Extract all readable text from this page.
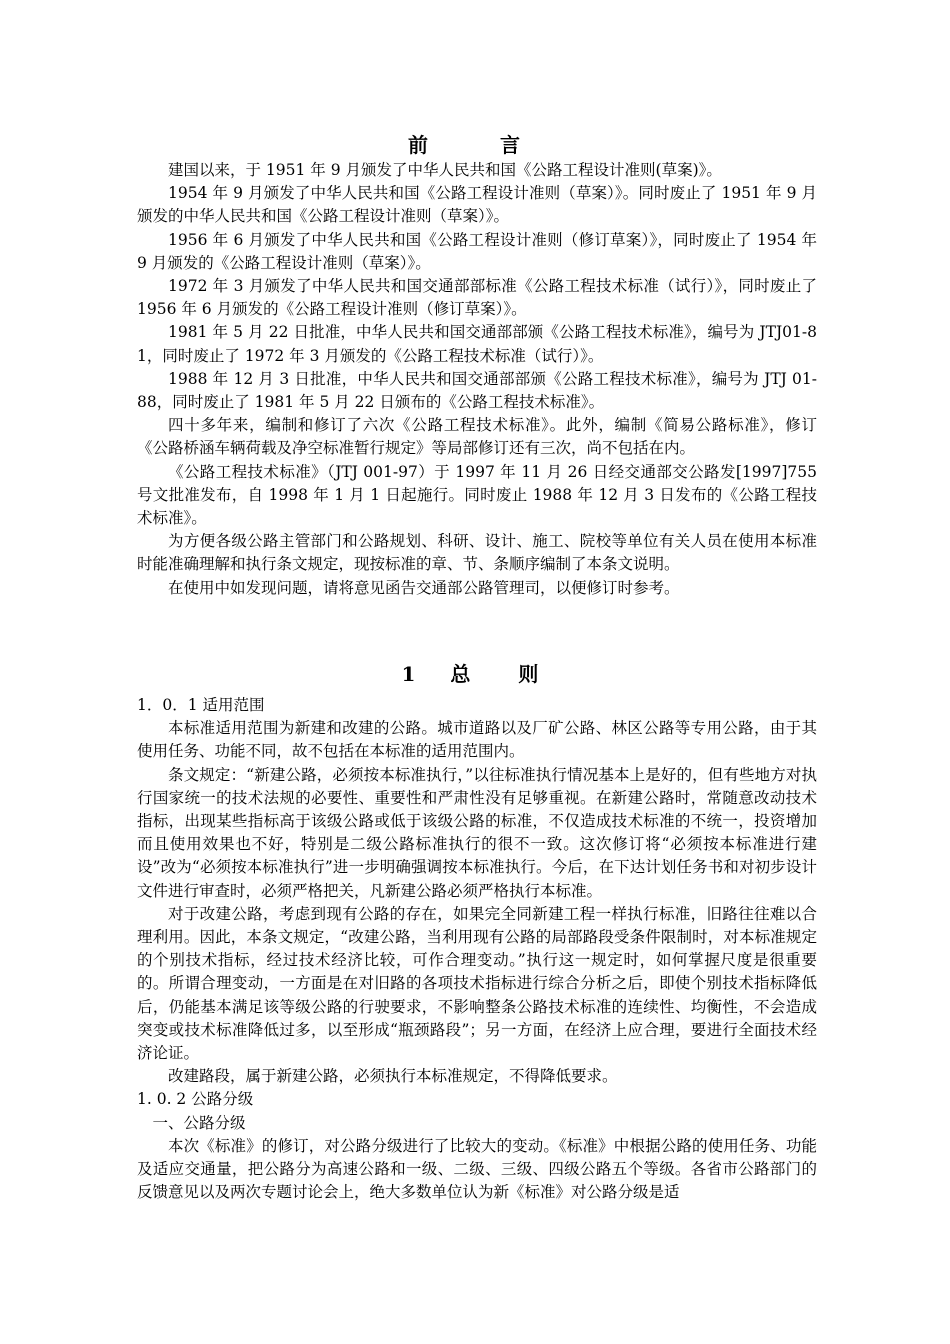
前　言

建国以来，于 1951 年 9 月颁发了中华人民共和国《公路工程设计准则(草案)》。

1954 年 9 月颁发了中华人民共和国《公路工程设计准则（草案）》。同时废止了 1951 年 9 月颁发的中华人民共和国《公路工程设计准则（草案）》。

1956 年 6 月颁发了中华人民共和国《公路工程设计准则（修订草案）》，同时废止了 1954 年 9 月颁发的《公路工程设计准则（草案）》。

1972 年 3 月颁发了中华人民共和国交通部部标准《公路工程技术标准（试行）》，同时废止了 1956 年 6 月颁发的《公路工程设计准则（修订草案）》。

1981 年 5 月 22 日批准，中华人民共和国交通部部颁《公路工程技术标准》，编号为 JTJ01-81，同时废止了 1972 年 3 月颁发的《公路工程技术标准（试行）》。

1988 年 12 月 3 日批准，中华人民共和国交通部部颁《公路工程技术标准》，编号为 JTJ 01-88，同时废止了 1981 年 5 月 22 日颁布的《公路工程技术标准》。

四十多年来，编制和修订了六次《公路工程技术标准》。此外，编制《简易公路标准》，修订《公路桥涵车辆荷载及净空标准暂行规定》等局部修订还有三次，尚不包括在内。

《公路工程技术标准》（JTJ 001-97）于 1997 年 11 月 26 日经交通部交公路发[1997]755 号文批准发布，自 1998 年 1 月 1 日起施行。同时废止 1988 年 12 月 3 日发布的《公路工程技术标准》。

为方便各级公路主管部门和公路规划、科研、设计、施工、院校等单位有关人员在使用本标准时能准确理解和执行条文规定，现按标准的章、节、条顺序编制了本条文说明。

在使用中如发现问题，请将意见函告交通部公路管理司，以便修订时参考。

1 总　则

1．0．1 适用范围

本标准适用范围为新建和改建的公路。城市道路以及厂矿公路、林区公路等专用公路，由于其使用任务、功能不同，故不包括在本标准的适用范围内。

条文规定：“新建公路，必须按本标准执行，”以往标准执行情况基本上是好的，但有些地方对执行国家统一的技术法规的必要性、重要性和严肃性没有足够重视。在新建公路时，常随意改动技术指标，出现某些指标高于该级公路或低于该级公路的标准，不仅造成技术标准的不统一，投资增加而且使用效果也不好，特别是二级公路标准执行的很不一致。这次修订将“必须按本标准进行建设”改为“必须按本标准执行”进一步明确强调按本标准执行。今后，在下达计划任务书和对初步设计文件进行审查时，必须严格把关，凡新建公路必须严格执行本标准。

对于改建公路，考虑到现有公路的存在，如果完全同新建工程一样执行标准，旧路往往难以合理利用。因此，本条文规定，“改建公路，当利用现有公路的局部路段受条件限制时，对本标准规定的个别技术指标，经过技术经济比较，可作合理变动。”执行这一规定时，如何掌握尺度是很重要的。所谓合理变动，一方面是在对旧路的各项技术指标进行综合分析之后，即使个别技术指标降低后，仍能基本满足该等级公路的行驶要求，不影响整条公路技术标准的连续性、均衡性，不会造成突变或技术标准降低过多，以至形成“瓶颈路段”；另一方面，在经济上应合理，要进行全面技术经济论证。

改建路段，属于新建公路，必须执行本标准规定，不得降低要求。

1. 0. 2 公路分级

一、公路分级

本次《标准》的修订，对公路分级进行了比较大的变动。《标准》中根据公路的使用任务、功能及适应交通量，把公路分为高速公路和一级、二级、三级、四级公路五个等级。各省市公路部门的反馈意见以及两次专题讨论会上，绝大多数单位认为新《标准》对公路分级是适
